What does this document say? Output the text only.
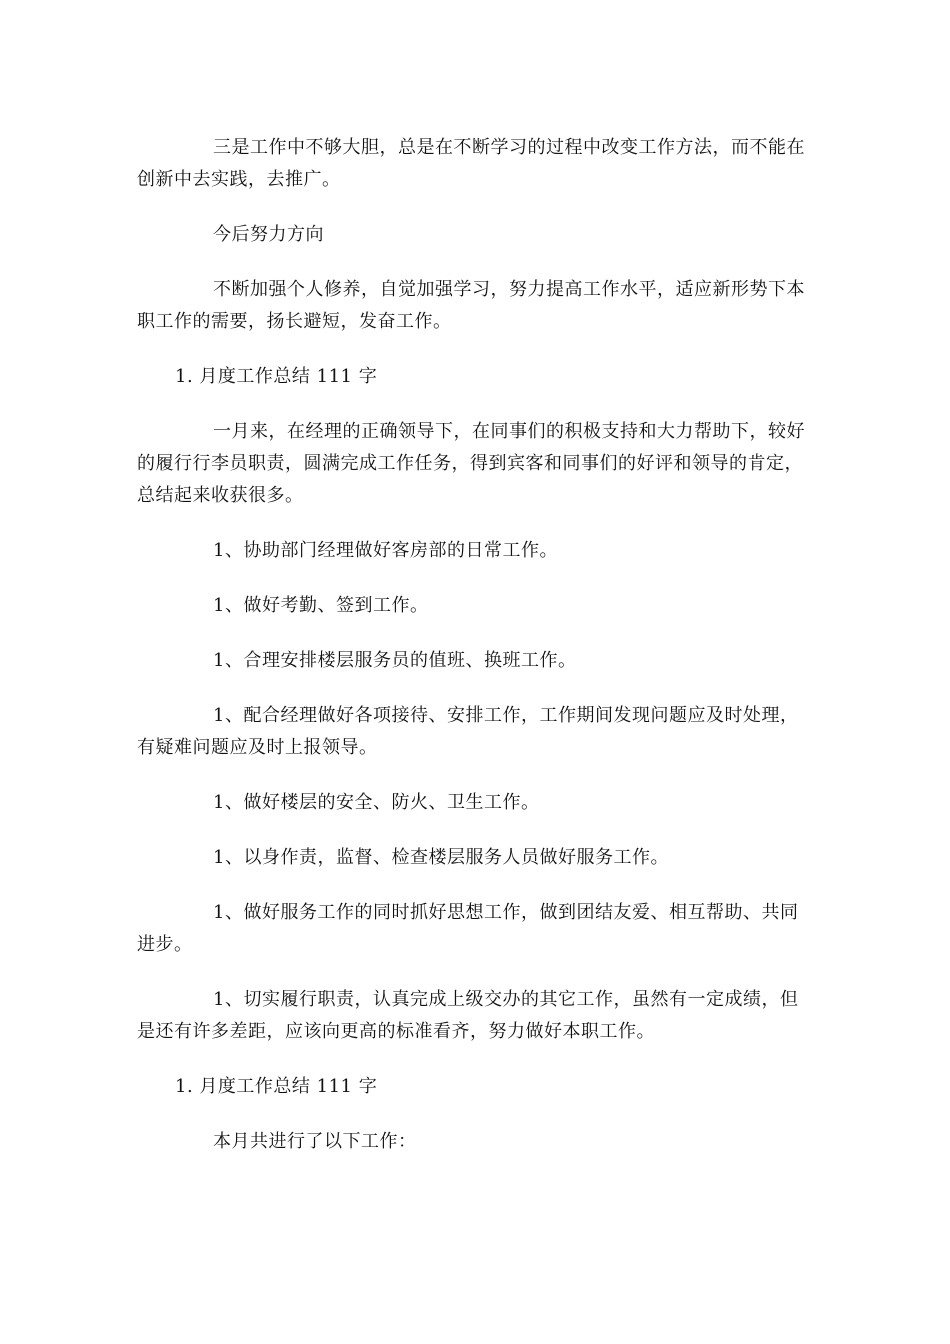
三是工作中不够大胆，总是在不断学习的过程中改变工作方法，而不能在创新中去实践，去推广。

今后努力方向

不断加强个人修养，自觉加强学习，努力提高工作水平，适应新形势下本职工作的需要，扬长避短，发奋工作。

1. 月度工作总结 111 字

一月来，在经理的正确领导下，在同事们的积极支持和大力帮助下，较好的履行行李员职责，圆满完成工作任务，得到宾客和同事们的好评和领导的肯定，总结起来收获很多。

1、协助部门经理做好客房部的日常工作。

1、做好考勤、签到工作。

1、合理安排楼层服务员的值班、换班工作。

1、配合经理做好各项接待、安排工作，工作期间发现问题应及时处理，有疑难问题应及时上报领导。

1、做好楼层的安全、防火、卫生工作。

1、以身作责，监督、检查楼层服务人员做好服务工作。

1、做好服务工作的同时抓好思想工作，做到团结友爱、相互帮助、共同进步。

1、切实履行职责，认真完成上级交办的其它工作，虽然有一定成绩，但是还有许多差距，应该向更高的标准看齐，努力做好本职工作。

1. 月度工作总结 111 字

本月共进行了以下工作：
